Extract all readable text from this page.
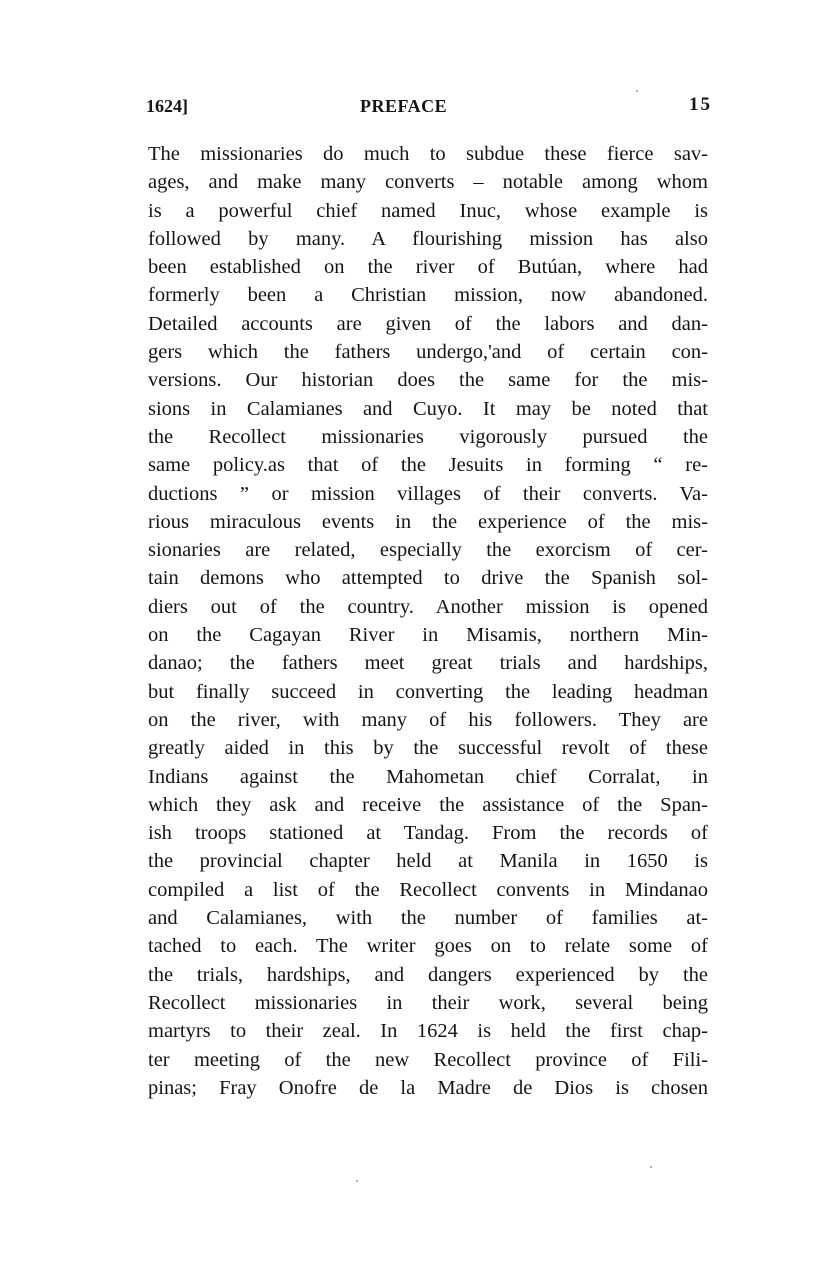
1624]	PREFACE	15
The missionaries do much to subdue these fierce sav-
ages, and make many converts – notable among whom
is a powerful chief named Inuc, whose example is
followed by many. A flourishing mission has also
been established on the river of Butúan, where had
formerly been a Christian mission, now abandoned.
Detailed accounts are given of the labors and dan-
gers which the fathers undergo,'and of certain con-
versions. Our historian does the same for the mis-
sions in Calamianes and Cuyo. It may be noted that
the Recollect missionaries vigorously pursued the
same policy.as that of the Jesuits in forming “ re-
ductions ” or mission villages of their converts. Va-
rious miraculous events in the experience of the mis-
sionaries are related, especially the exorcism of cer-
tain demons who attempted to drive the Spanish sol-
diers out of the country. Another mission is opened
on the Cagayan River in Misamis, northern Min-
danao; the fathers meet great trials and hardships,
but finally succeed in converting the leading headman
on the river, with many of his followers. They are
greatly aided in this by the successful revolt of these
Indians against the Mahometan chief Corralat, in
which they ask and receive the assistance of the Span-
ish troops stationed at Tandag. From the records of
the provincial chapter held at Manila in 1650 is
compiled a list of the Recollect convents in Mindanao
and Calamianes, with the number of families at-
tached to each. The writer goes on to relate some of
the trials, hardships, and dangers experienced by the
Recollect missionaries in their work, several being
martyrs to their zeal. In 1624 is held the first chap-
ter meeting of the new Recollect province of Fili-
pinas; Fray Onofre de la Madre de Dios is chosen
